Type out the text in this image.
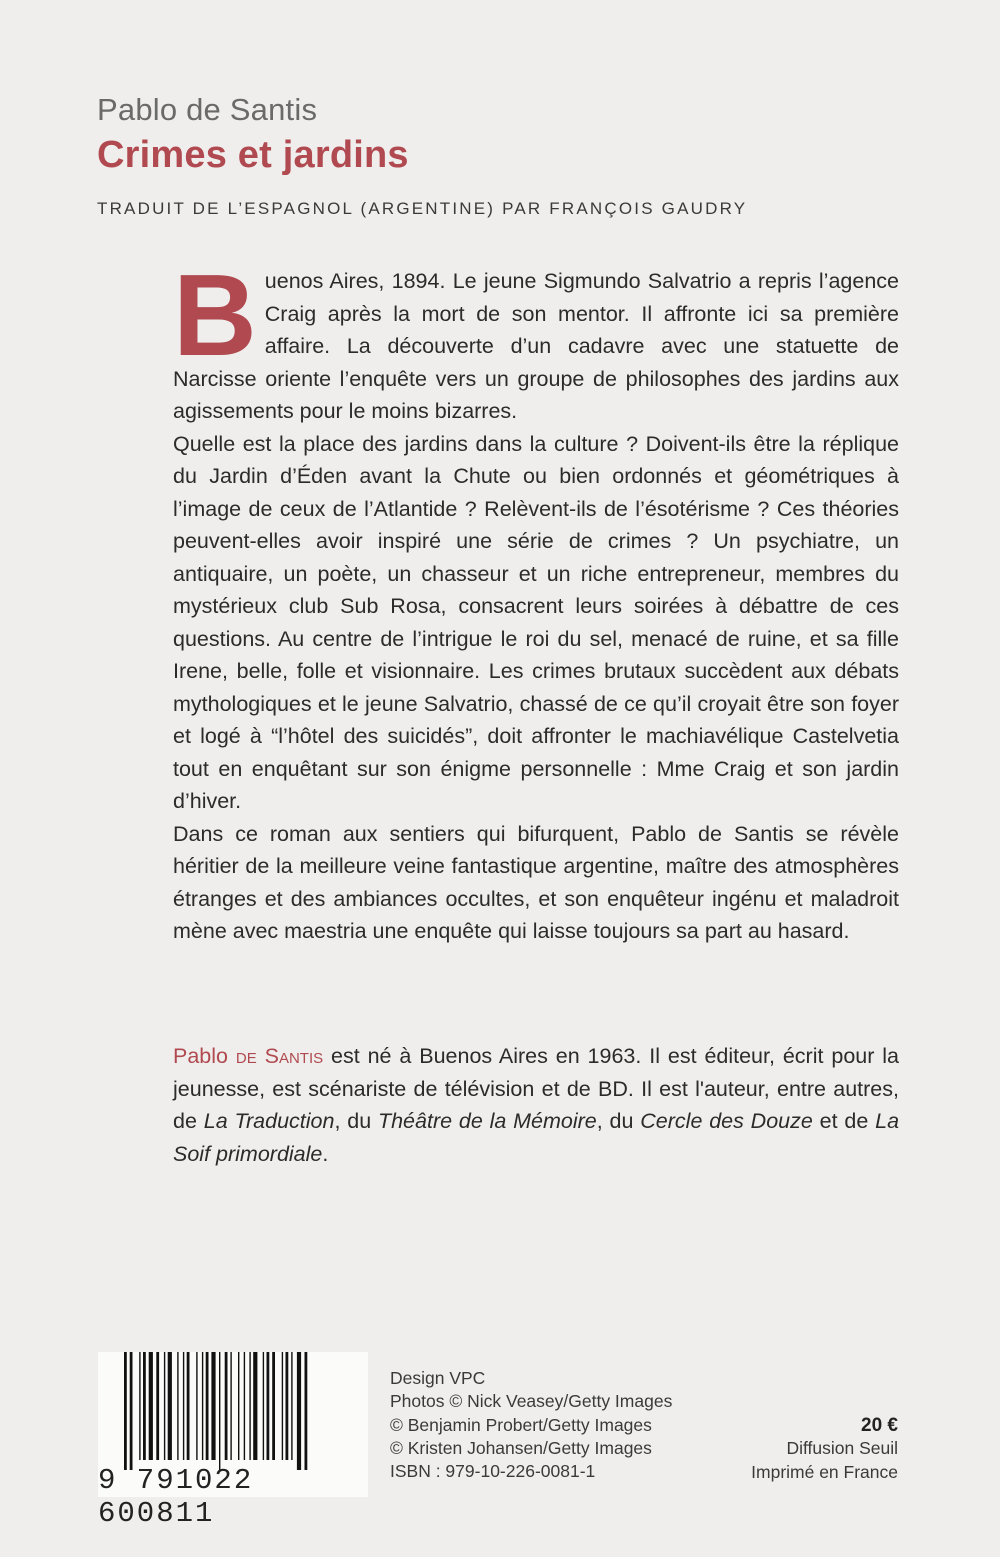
Pablo de Santis
Crimes et jardins
TRADUIT DE L’ESPAGNOL (ARGENTINE) PAR FRANÇOIS GAUDRY

Buenos Aires, 1894. Le jeune Sigmundo Salvatrio a repris l’agence Craig après la mort de son mentor. Il affronte ici sa première affaire. La découverte d’un cadavre avec une statuette de Narcisse oriente l’enquête vers un groupe de philosophes des jardins aux agissements pour le moins bizarres.

Quelle est la place des jardins dans la culture ? Doivent-ils être la réplique du Jardin d’Éden avant la Chute ou bien ordonnés et géométriques à l’image de ceux de l’Atlantide ? Relèvent-ils de l’ésotérisme ? Ces théories peuvent-elles avoir inspiré une série de crimes ? Un psychiatre, un antiquaire, un poète, un chasseur et un riche entrepreneur, membres du mystérieux club Sub Rosa, consacrent leurs soirées à débattre de ces questions. Au centre de l’intrigue le roi du sel, menacé de ruine, et sa fille Irene, belle, folle et visionnaire. Les crimes brutaux succèdent aux débats mythologiques et le jeune Salvatrio, chassé de ce qu’il croyait être son foyer et logé à “l’hôtel des suicidés”, doit affronter le machiavélique Castelvetia tout en enquêtant sur son énigme personnelle : Mme Craig et son jardin d’hiver.

Dans ce roman aux sentiers qui bifurquent, Pablo de Santis se révèle héritier de la meilleure veine fantastique argentine, maître des atmosphères étranges et des ambiances occultes, et son enquêteur ingénu et maladroit mène avec maestria une enquête qui laisse toujours sa part au hasard.

Pablo de Santis est né à Buenos Aires en 1963. Il est éditeur, écrit pour la jeunesse, est scénariste de télévision et de BD. Il est l'auteur, entre autres, de La Traduction, du Théâtre de la Mémoire, du Cercle des Douze et de La Soif primordiale.
9 791022 600811
Design VPC
Photos © Nick Veasey/Getty Images
© Benjamin Probert/Getty Images
© Kristen Johansen/Getty Images
ISBN : 979-10-226-0081-1
20 €
Diffusion Seuil
Imprimé en France
